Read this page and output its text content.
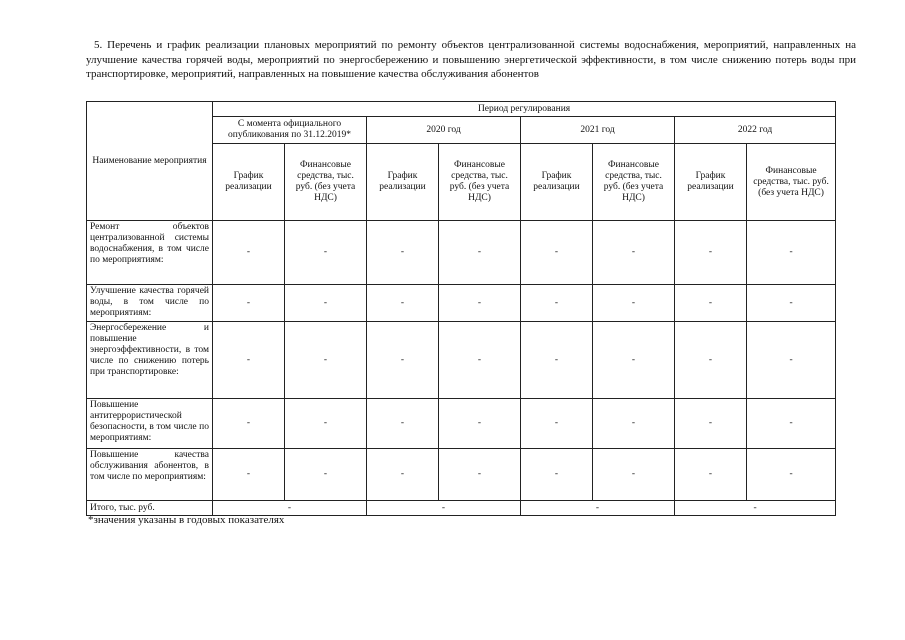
5. Перечень и график реализации плановых мероприятий по ремонту объектов централизованной системы водоснабжения, мероприятий, направленных на улучшение качества горячей воды, мероприятий по энергосбережению и повышению энергетической эффективности, в том числе снижению потерь воды при транспортировке, мероприятий, направленных на повышение качества обслуживания абонентов
Наименование мероприятия	Период регулирования							
	С момента официального опубликования по 31.12.2019*		2020 год		2021 год		2022 год	
	График реализации	Финансовые средства, тыс. руб. (без учета НДС)	График реализации	Финансовые средства, тыс. руб. (без учета НДС)	График реализации	Финансовые средства, тыс. руб. (без учета НДС)	График реализации	Финансовые средства, тыс. руб. (без учета НДС)
Ремонт объектов централизованной системы водоснабжения, в том числе по мероприятиям:	-	-	-	-	-	-	-	-
Улучшение качества горячей воды, в том числе по мероприятиям:	-	-	-	-	-	-	-	-
Энергосбережение и повышение энергоэффективности, в том числе по снижению потерь при транспортировке:	-	-	-	-	-	-	-	-
Повышение антитеррористической безопасности, в том числе по мероприятиям:	-	-	-	-	-	-	-	-
Повышение качества обслуживания абонентов, в том числе по мероприятиям:	-	-	-	-	-	-	-	-
Итого, тыс. руб.	-		-		-		-	
*значения указаны в годовых показателях
